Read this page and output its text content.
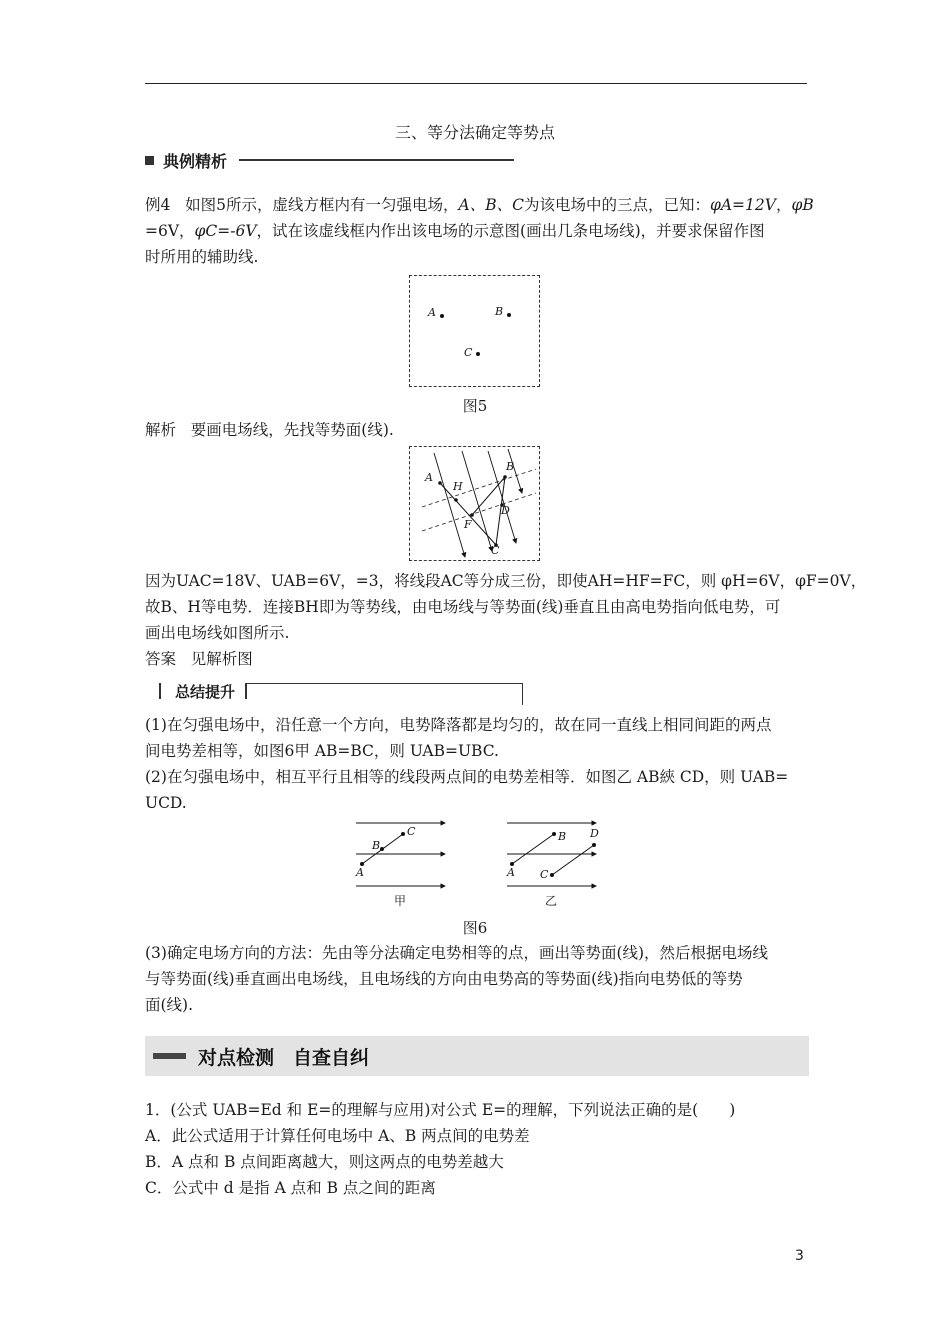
三、等分法确定等势点
典例精析
例4 如图5所示，虚线方框内有一匀强电场，A、B、C为该电场中的三点，已知：φA=12V，φB
=6V，φC=-6V，试在该虚线框内作出该电场的示意图(画出几条电场线)，并要求保留作图
时所用的辅助线.
A	B
C
图5
解析 要画电场线，先找等势面(线).
A
B
H
D
F
C
因为UAC=18V、UAB=6V，=3，将线段AC等分成三份，即使AH=HF=FC，则 φH=6V，φF=0V，
故B、H等电势．连接BH即为等势线，由电场线与等势面(线)垂直且由高电势指向低电势，可
画出电场线如图所示.
答案 见解析图
总结提升
(1)在匀强电场中，沿任意一个方向，电势降落都是均匀的，故在同一直线上相同间距的两点
间电势差相等，如图6甲 AB=BC，则 UAB=UBC.
(2)在匀强电场中，相互平行且相等的线段两点间的电势差相等．如图乙 AB綊 CD，则 UAB=
UCD.
C
B
A
B D
A C
甲	乙
图6
(3)确定电场方向的方法：先由等分法确定电势相等的点，画出等势面(线)，然后根据电场线
与等势面(线)垂直画出电场线，且电场线的方向由电势高的等势面(线)指向电势低的等势
面(线).
对点检测　自查自纠
1．(公式 UAB=Ed 和 E=的理解与应用)对公式 E=的理解，下列说法正确的是(　　)
A．此公式适用于计算任何电场中 A、B 两点间的电势差
B．A 点和 B 点间距离越大，则这两点的电势差越大
C．公式中 d 是指 A 点和 B 点之间的距离
3
